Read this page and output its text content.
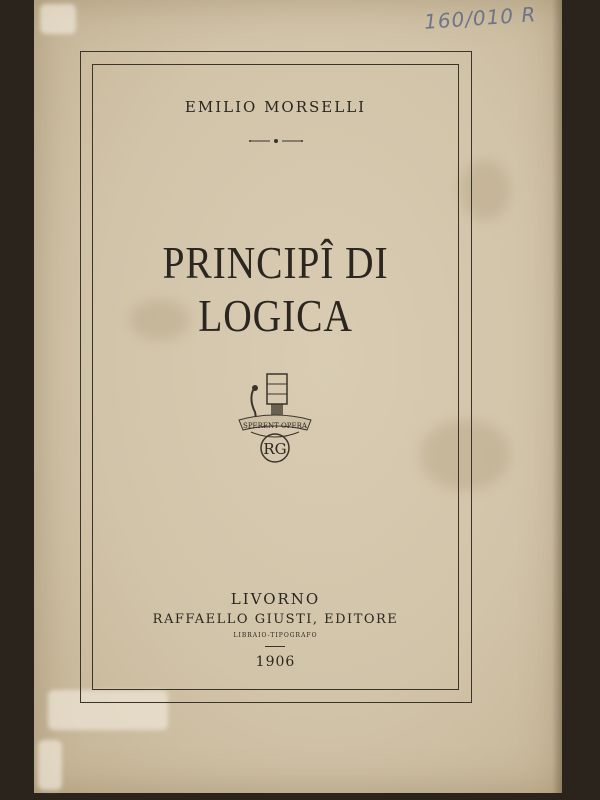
160/010 R
EMILIO MORSELLI
PRINCIPÎ DI LOGICA
SPERENT OPERA
RG
LIVORNO
RAFFAELLO GIUSTI, EDITORE
LIBRAIO-TIPOGRAFO
1906
